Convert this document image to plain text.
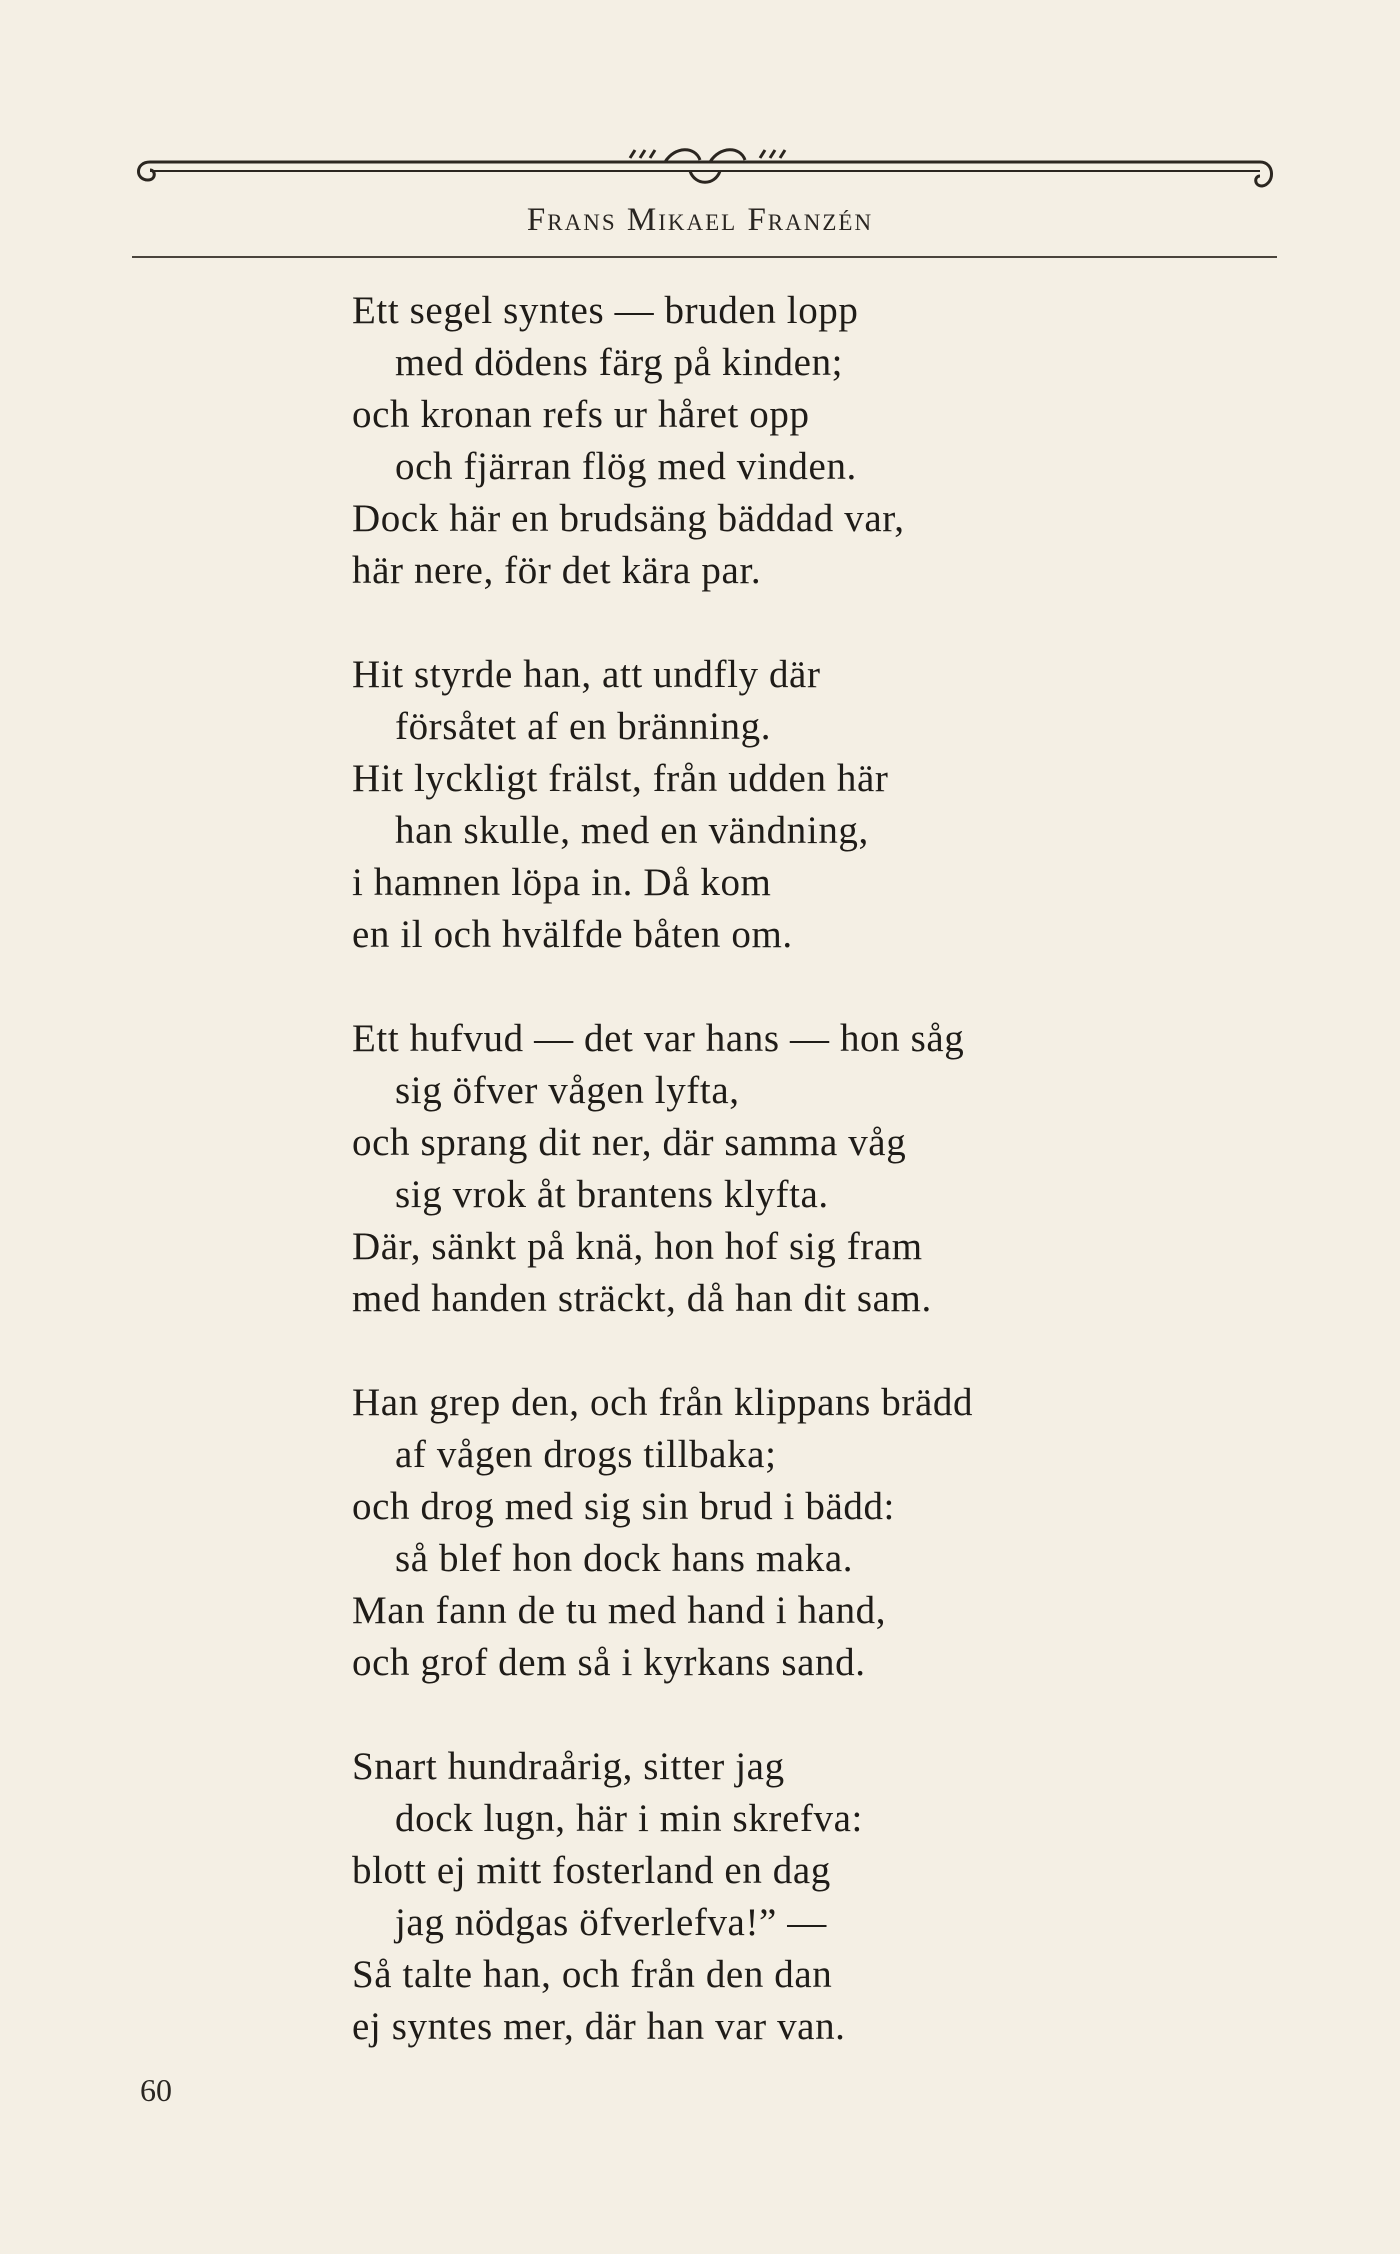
Frans Mikael Franzén
Ett segel syntes — bruden lopp
med dödens färg på kinden;
och kronan refs ur håret opp
och fjärran flög med vinden.
Dock här en brudsäng bäddad var,
här nere, för det kära par.
Hit styrde han, att undfly där
försåtet af en bränning.
Hit lyckligt frälst, från udden här
han skulle, med en vändning,
i hamnen löpa in. Då kom
en il och hvälfde båten om.
Ett hufvud — det var hans — hon såg
sig öfver vågen lyfta,
och sprang dit ner, där samma våg
sig vrok åt brantens klyfta.
Där, sänkt på knä, hon hof sig fram
med handen sträckt, då han dit sam.
Han grep den, och från klippans brädd
af vågen drogs tillbaka;
och drog med sig sin brud i bädd:
så blef hon dock hans maka.
Man fann de tu med hand i hand,
och grof dem så i kyrkans sand.
Snart hundraårig, sitter jag
dock lugn, här i min skrefva:
blott ej mitt fosterland en dag
jag nödgas öfverlefva!” —
Så talte han, och från den dan
ej syntes mer, där han var van.
60
